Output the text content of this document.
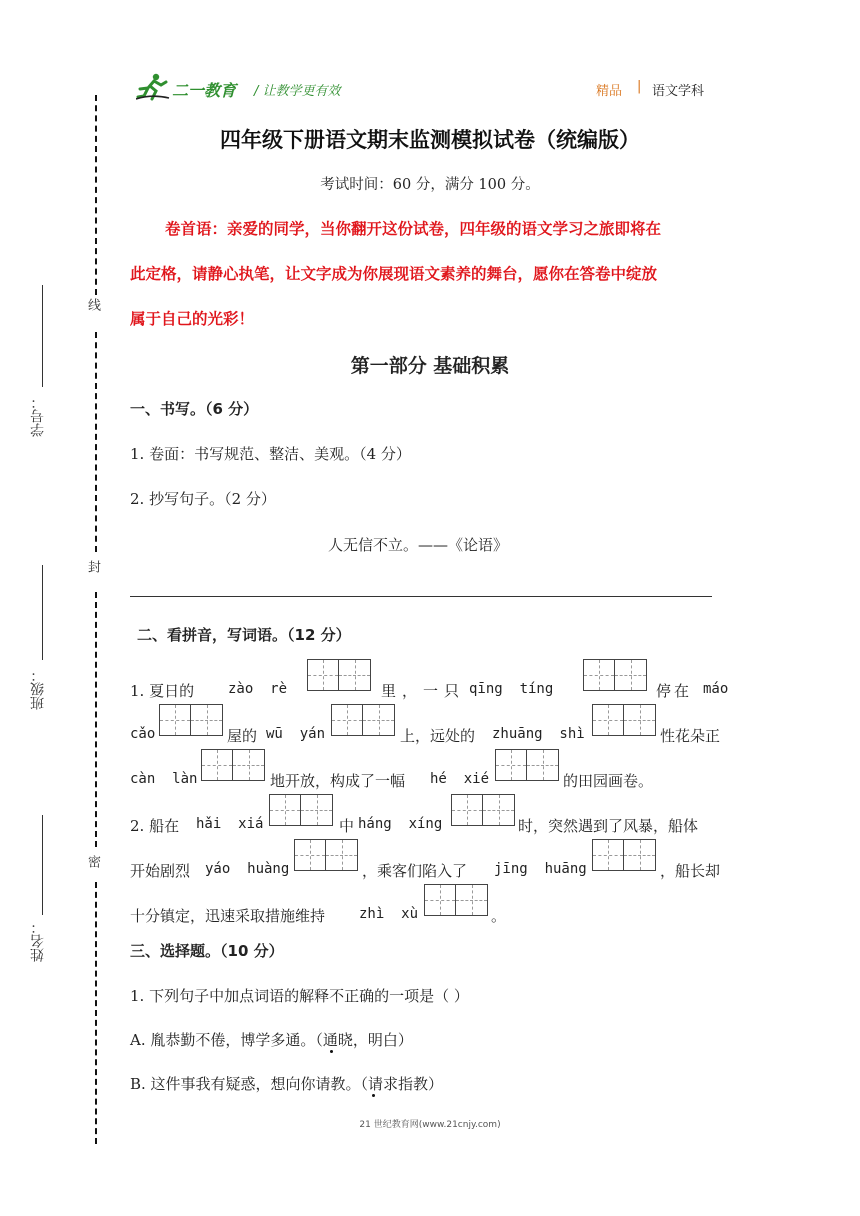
二一教育 / 让教学更有效	精品 | 语文学科
四年级下册语文期末监测模拟试卷（统编版）
考试时间：60 分，满分 100 分。
卷首语：亲爱的同学，当你翻开这份试卷，四年级的语文学习之旅即将在
此定格，请静心执笔，让文字成为你展现语文素养的舞台，愿你在答卷中绽放
属于自己的光彩！
第一部分 基础积累
一、书写。（6 分）
1. 卷面：书写规范、整洁、美观。（4 分）
2. 抄写句子。（2 分）
人无信不立。——《论语》
二、看拼音，写词语。（12 分）
1. 夏日的 zào  rè	里，一只 qīng  tíng	停在 máo
cǎo	屋的 wū  yán	上，远处的 zhuāng  shì	性花朵正
càn  làn	地开放，构成了一幅 hé  xié	的田园画卷。
2. 船在 hǎi  xiá	中 háng  xíng	时，突然遇到了风暴，船体
开始剧烈 yáo  huàng	，乘客们陷入了 jīng  huāng	，船长却
十分镇定，迅速采取措施维持 zhì  xù	。
三、选择题。（10 分）
1. 下列句子中加点词语的解释不正确的一项是（ ）
A. 胤恭勤不倦，博学多通。（通晓，明白）
B. 这件事我有疑惑，想向你请教。（请求指教）
21 世纪教育网(www.21cnjy.com)
线
封
密
学号：
班级：
姓名：
